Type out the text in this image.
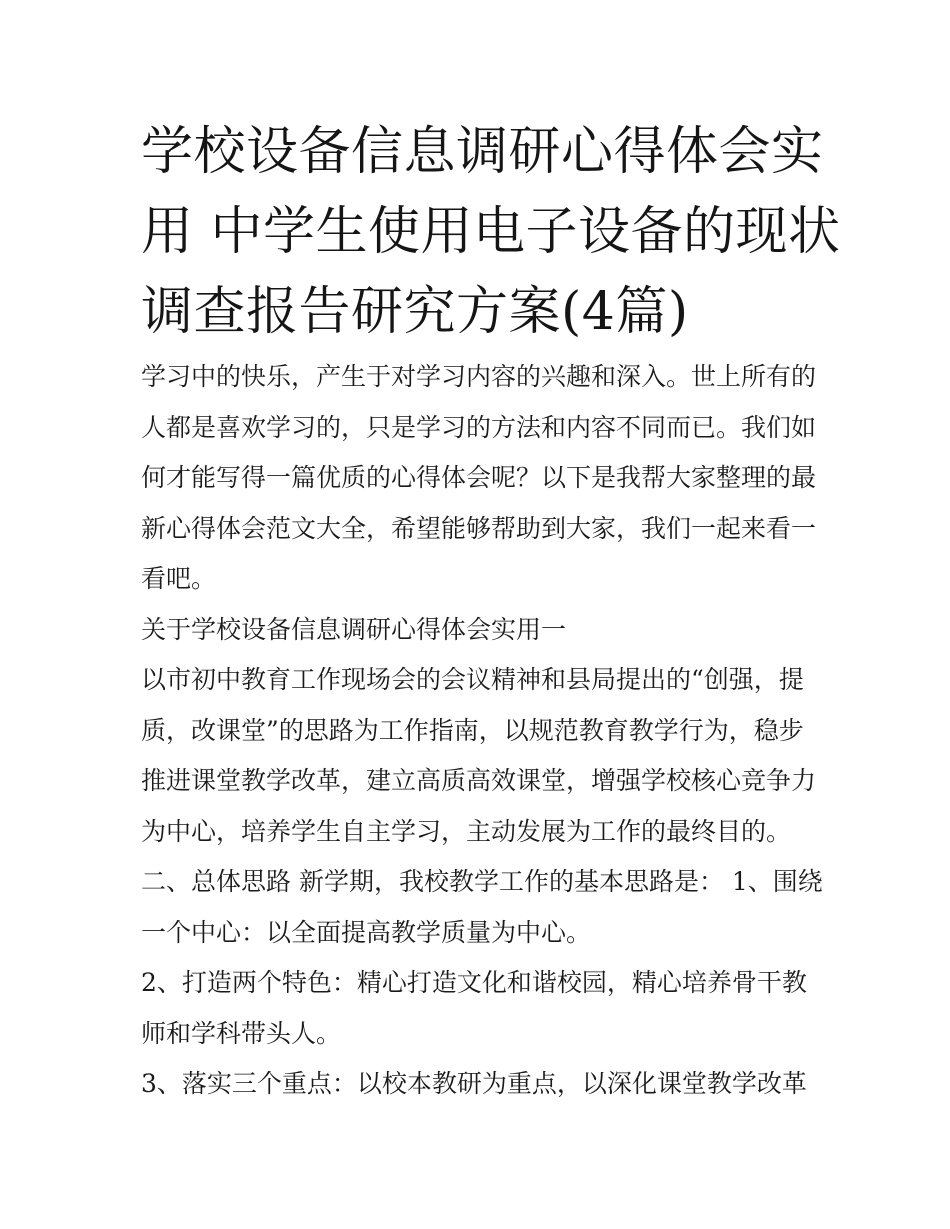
学校设备信息调研心得体会实
用 中学生使用电子设备的现状
调查报告研究方案(4篇)
学习中的快乐，产生于对学习内容的兴趣和深入。世上所有的
人都是喜欢学习的，只是学习的方法和内容不同而已。我们如
何才能写得一篇优质的心得体会呢？以下是我帮大家整理的最
新心得体会范文大全，希望能够帮助到大家，我们一起来看一
看吧。
关于学校设备信息调研心得体会实用一
以市初中教育工作现场会的会议精神和县局提出的“创强，提
质，改课堂”的思路为工作指南，以规范教育教学行为，稳步
推进课堂教学改革，建立高质高效课堂，增强学校核心竞争力
为中心，培养学生自主学习，主动发展为工作的最终目的。
二、总体思路 新学期，我校教学工作的基本思路是： 1、围绕
一个中心：以全面提高教学质量为中心。
2、打造两个特色：精心打造文化和谐校园，精心培养骨干教
师和学科带头人。
3、落实三个重点：以校本教研为重点，以深化课堂教学改革
